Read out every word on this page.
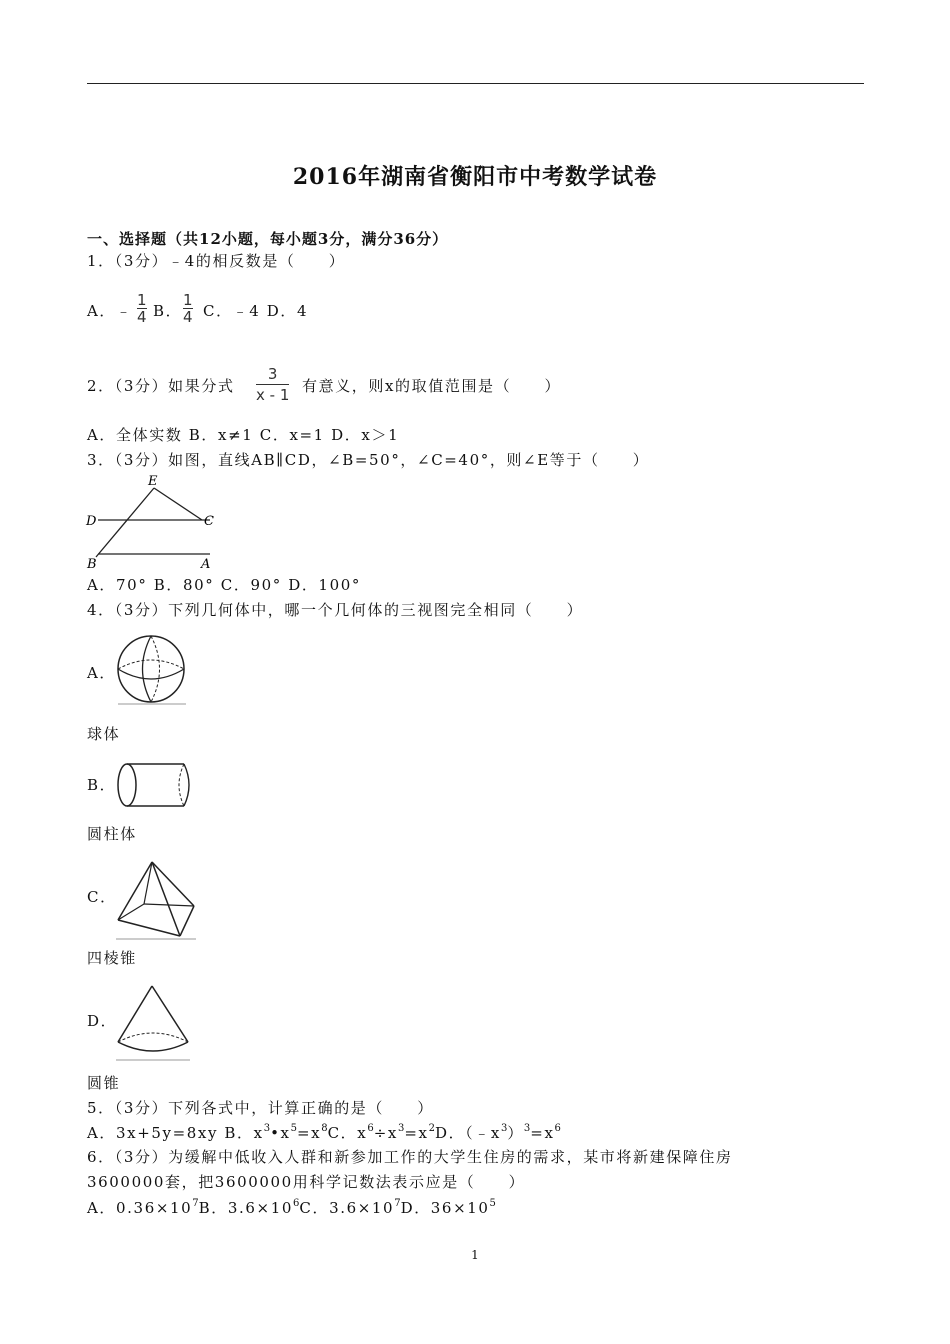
2016年湖南省衡阳市中考数学试卷
一、选择题（共12小题，每小题3分，满分36分）
1．（3分）﹣4的相反数是（　　）
A．﹣
1
4 B．
1
4 C．﹣4 D．4
2．（3分）如果分式
3
x - 1 有意义，则x的取值范围是（　　）
A．全体实数 B．x≠1 C．x=1 D．x＞1
3．（3分）如图，直线AB∥CD，∠B=50°，∠C=40°，则∠E等于（　　）
E
D	C
B	A
A．70° B．80° C．90° D．100°
4．（3分）下列几何体中，哪一个几何体的三视图完全相同（　　）
A．
球体
B．
圆柱体
C．
四棱锥
D．
圆锥
5．（3分）下列各式中，计算正确的是（　　）
A．3x+5y=8xy B．$x^3•x^5=x^8C$．$x^6\div x^3=x^2D$．$(﹣x^3)^3=x^6$
6．（3分）为缓解中低收入人群和新参加工作的大学生住房的需求，某市将新建保障住房
3600000套，把3600000用科学记数法表示应是（　　）
A．$0.36\times 10^7B$．$3.6\times 10^6C$．$3.6\times 10^7D$．$36\times 10^5$
1
